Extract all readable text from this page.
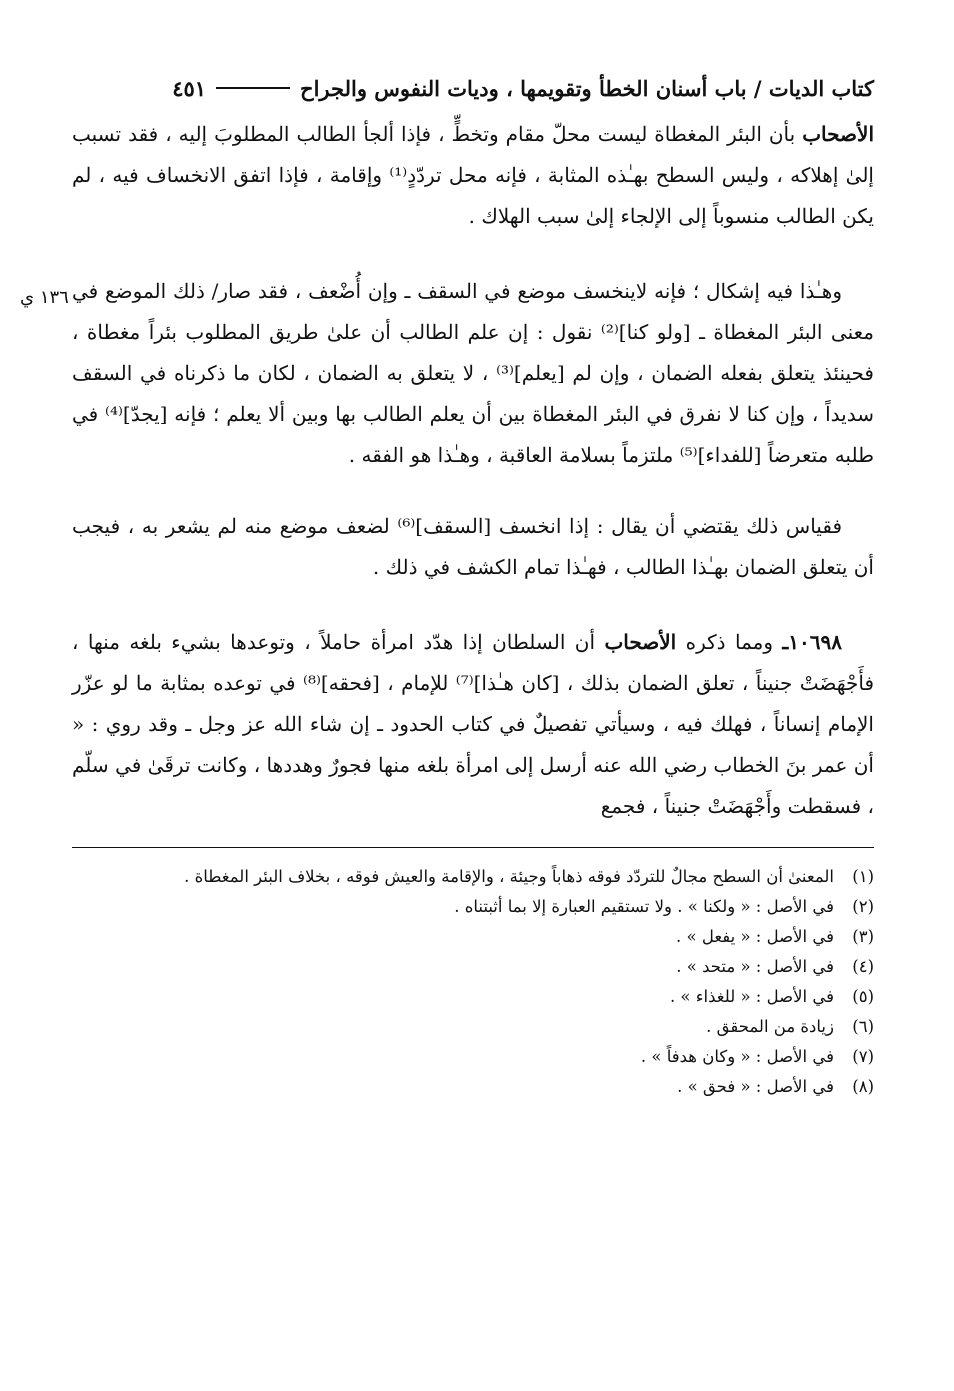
١٣٦ ي
كتاب الديات / باب أسنان الخطأ وتقويمها ، وديات النفوس والجراح
٤٥١

الأصحاب بأن البئر المغطاة ليست محلّ مقام وتخطٍّ ، فإذا ألجأ الطالب المطلوبَ إليه ، فقد تسبب إلىٰ إهلاكه ، وليس السطح بهـٰذه المثابة ، فإنه محل تردّدٍ⁽¹⁾ وإقامة ، فإذا اتفق الانخساف فيه ، لم يكن الطالب منسوباً إلى الإلجاء إلىٰ سبب الهلاك .

وهـٰذا فيه إشكال ؛ فإنه لاينخسف موضع في السقف ـ وإن أُضْعف ، فقد صار/ ذلك الموضع في معنى البئر المغطاة ـ [ولو كنا]⁽²⁾ نقول : إن علم الطالب أن علىٰ طريق المطلوب بئراً مغطاة ، فحينئذ يتعلق بفعله الضمان ، وإن لم [يعلم]⁽³⁾ ، لا يتعلق به الضمان ، لكان ما ذكرناه في السقف سديداً ، وإن كنا لا نفرق في البئر المغطاة بين أن يعلم الطالب بها وبين ألا يعلم ؛ فإنه [يجدّ]⁽⁴⁾ في طلبه متعرضاً [للفداء]⁽⁵⁾ ملتزماً بسلامة العاقبة ، وهـٰذا هو الفقه .

فقياس ذلك يقتضي أن يقال : إذا انخسف [السقف]⁽⁶⁾ لضعف موضع منه لم يشعر به ، فيجب أن يتعلق الضمان بهـٰذا الطالب ، فهـٰذا تمام الكشف في ذلك .

١٠٦٩٨ـ ومما ذكره الأصحاب أن السلطان إذا هدّد امرأة حاملاً ، وتوعدها بشيء بلغه منها ، فأَجْهَضَتْ جنيناً ، تعلق الضمان بذلك ، [كان هـٰذا]⁽⁷⁾ للإمام ، [فحقه]⁽⁸⁾ في توعده بمثابة ما لو عزّر الإمام إنساناً ، فهلك فيه ، وسيأتي تفصيلٌ في كتاب الحدود ـ إن شاء الله عز وجل ـ وقد روي : « أن عمر بنَ الخطاب رضي الله عنه أرسل إلى امرأة بلغه منها فجورٌ وهددها ، وكانت ترقَىٰ في سلّم ، فسقطت وأَجْهَضَتْ جنيناً ، فجمع

(١)
المعنىٰ أن السطح مجالٌ للتردّد فوقه ذهاباً وجيئة ، والإقامة والعيش فوقه ، بخلاف البئر المغطاة .
(٢)
في الأصل : « ولكنا » . ولا تستقيم العبارة إلا بما أثبتناه .
(٣)
في الأصل : « يفعل » .
(٤)
في الأصل : « متحد » .
(٥)
في الأصل : « للغذاء » .
(٦)
زيادة من المحقق .
(٧)
في الأصل : « وكان هدفاً » .
(٨)
في الأصل : « فحق » .
